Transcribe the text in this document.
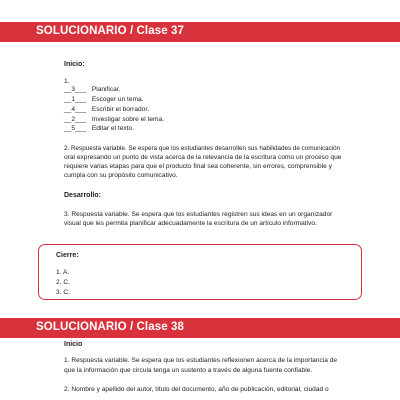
SOLUCIONARIO / Clase 37
Inicio:
1.
__3___ Planificar.
__1___ Escoger un tema.
__4___ Escribir el borrador.
__2___ Investigar sobre el tema.
__5___ Editar el texto.
2. Respuesta variable. Se espera que los estudiantes desarrollen sus habilidades de comunicación
oral expresando un punto de vista acerca de la relevancia de la escritura como un proceso que
requiere varias etapas para que el producto final sea coherente, sin errores, comprensible y
cumpla con su propósito comunicativo.
Desarrollo:
3. Respuesta variable. Se espera que los estudiantes registren sus ideas en un organizador
visual que les permita planificar adecuadamente la escritura de un artículo informativo.
Cierre:
1. A.
2. C.
3. C.
SOLUCIONARIO / Clase 38
Inicio
1. Respuesta variable. Se espera que los estudiantes reflexionen acerca de la importancia de
que la información que circula tenga un sustento a través de alguna fuente confiable.
2. Nombre y apellido del autor, título del documento, año de publicación, editorial, ciudad o
